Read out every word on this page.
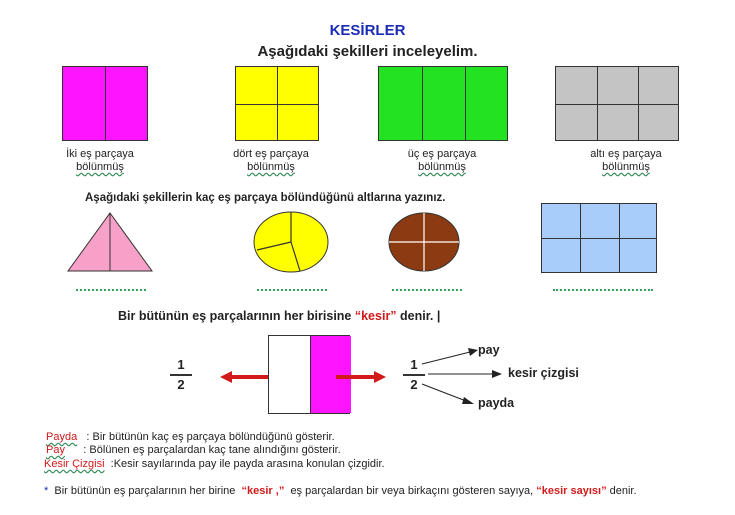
KESİRLER
Aşağıdaki şekilleri inceleyelim.
İki eş parçaya
bölünmüş
dört eş parçaya
bölünmüş
üç eş parçaya
bölünmüş
altı eş parçaya
bölünmüş
Aşağıdaki şekillerin kaç eş parçaya bölündüğünü altlarına yazınız.
Bir bütünün eş parçalarının her birisine “kesir” denir. |
1
2
1
2
pay
kesir çizgisi
payda
Payda   : Bir bütünün kaç eş parçaya bölündüğünü gösterir.
Pay      : Bölünen eş parçalardan kaç tane alındığını gösterir.
Kesir Çizgisi  :Kesir sayılarında pay ile payda arasına konulan çizgidir.
*  Bir bütünün eş parçalarının her birine  “kesir ,”  eş parçalardan bir veya birkaçını gösteren sayıya, “kesir sayısı” denir.
